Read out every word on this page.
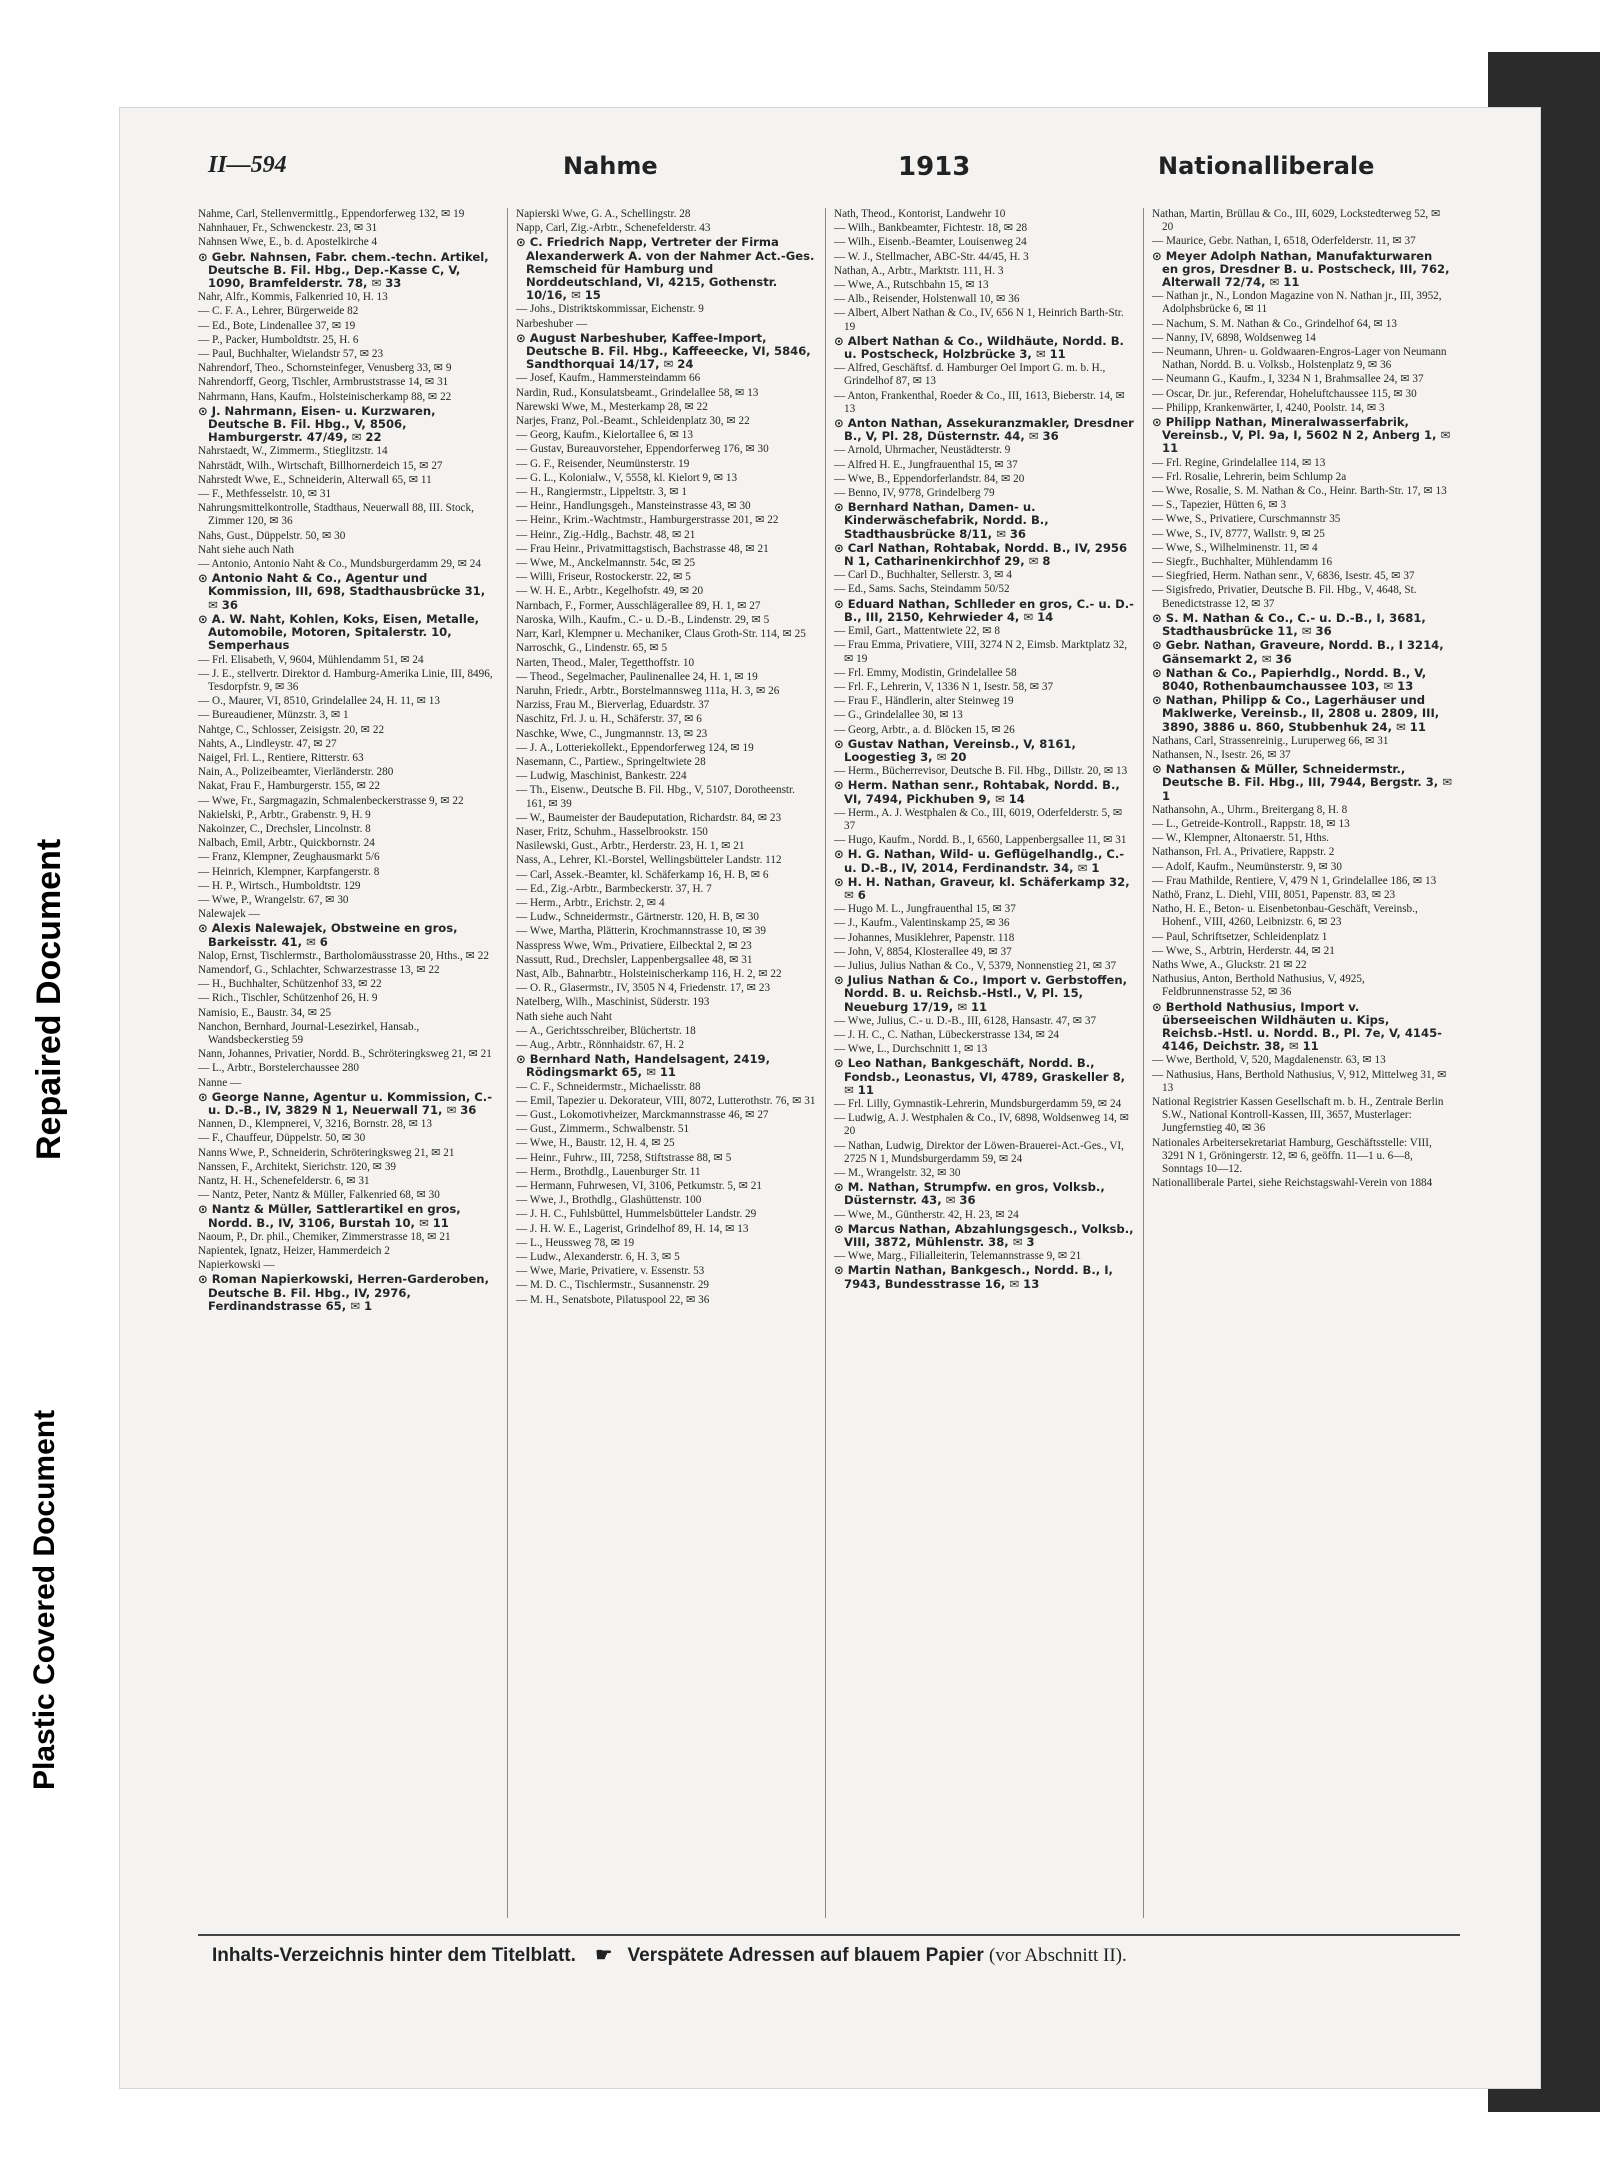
Repaired Document
Plastic Covered Document
II—594	Nahme	1913	Nationalliberale
Nahme, Carl, Stellenvermittlg., Eppendorferweg 132, ✉ 19
Nahnhauer, Fr., Schwenckestr. 23, ✉ 31
Nahnsen Wwe, E., b. d. Apostelkirche 4
⊙ Gebr. Nahnsen, Fabr. chem.-techn. Artikel, Deutsche B. Fil. Hbg., Dep.-Kasse C, V, 1090, Bramfelderstr. 78, ✉ 33
Nahr, Alfr., Kommis, Falkenried 10, H. 13
— C. F. A., Lehrer, Bürgerweide 82
— Ed., Bote, Lindenallee 37, ✉ 19
— P., Packer, Humboldtstr. 25, H. 6
— Paul, Buchhalter, Wielandstr 57, ✉ 23
Nahrendorf, Theo., Schornsteinfeger, Venusberg 33, ✉ 9
Nahrendorff, Georg, Tischler, Armbruststrasse 14, ✉ 31
Nahrmann, Hans, Kaufm., Holsteinischerkamp 88, ✉ 22
⊙ J. Nahrmann, Eisen- u. Kurzwaren, Deutsche B. Fil. Hbg., V, 8506, Hamburgerstr. 47/49, ✉ 22
Nahrstaedt, W., Zimmerm., Stieglitzstr. 14
Nahrstädt, Wilh., Wirtschaft, Billhornerdeich 15, ✉ 27
Nahrstedt Wwe, E., Schneiderin, Alterwall 65, ✉ 11
— F., Methfesselstr. 10, ✉ 31
Nahrungsmittelkontrolle, Stadthaus, Neuerwall 88, III. Stock, Zimmer 120, ✉ 36
Nahs, Gust., Düppelstr. 50, ✉ 30
Naht siehe auch Nath
— Antonio, Antonio Naht & Co., Mundsburgerdamm 29, ✉ 24
⊙ Antonio Naht & Co., Agentur und Kommission, III, 698, Stadthausbrücke 31, ✉ 36
⊙ A. W. Naht, Kohlen, Koks, Eisen, Metalle, Automobile, Motoren, Spitalerstr. 10, Semperhaus
— Frl. Elisabeth, V, 9604, Mühlendamm 51, ✉ 24
— J. E., stellvertr. Direktor d. Hamburg-Amerika Linie, III, 8496, Tesdorpfstr. 9, ✉ 36
— O., Maurer, VI, 8510, Grindelallee 24, H. 11, ✉ 13
— Bureaudiener, Münzstr. 3, ✉ 1
Nahtge, C., Schlosser, Zeisigstr. 20, ✉ 22
Nahts, A., Lindleystr. 47, ✉ 27
Naigel, Frl. L., Rentiere, Ritterstr. 63
Nain, A., Polizeibeamter, Vierländerstr. 280
Nakat, Frau F., Hamburgerstr. 155, ✉ 22
— Wwe, Fr., Sargmagazin, Schmalenbeckerstrasse 9, ✉ 22
Nakielski, P., Arbtr., Grabenstr. 9, H. 9
Nakoinzer, C., Drechsler, Lincolnstr. 8
Nalbach, Emil, Arbtr., Quickbornstr. 24
— Franz, Klempner, Zeughausmarkt 5/6
— Heinrich, Klempner, Karpfangerstr. 8
— H. P., Wirtsch., Humboldtstr. 129
— Wwe, P., Wrangelstr. 67, ✉ 30
Nalewajek —
⊙ Alexis Nalewajek, Obstweine en gros, Barkeisstr. 41, ✉ 6
Nalop, Ernst, Tischlermstr., Bartholomäusstrasse 20, Hths., ✉ 22
Namendorf, G., Schlachter, Schwarzestrasse 13, ✉ 22
— H., Buchhalter, Schützenhof 33, ✉ 22
— Rich., Tischler, Schützenhof 26, H. 9
Namisio, E., Baustr. 34, ✉ 25
Nanchon, Bernhard, Journal-Lesezirkel, Hansab., Wandsbeckerstieg 59
Nann, Johannes, Privatier, Nordd. B., Schröteringksweg 21, ✉ 21
— L., Arbtr., Borstelerchaussee 280
Nanne —
⊙ George Nanne, Agentur u. Kommission, C.- u. D.-B., IV, 3829 N 1, Neuerwall 71, ✉ 36
Nannen, D., Klempnerei, V, 3216, Bornstr. 28, ✉ 13
— F., Chauffeur, Düppelstr. 50, ✉ 30
Nanns Wwe, P., Schneiderin, Schröteringksweg 21, ✉ 21
Nanssen, F., Architekt, Sierichstr. 120, ✉ 39
Nantz, H. H., Schenefelderstr. 6, ✉ 31
— Nantz, Peter, Nantz & Müller, Falkenried 68, ✉ 30
⊙ Nantz & Müller, Sattlerartikel en gros, Nordd. B., IV, 3106, Burstah 10, ✉ 11
Naoum, P., Dr. phil., Chemiker, Zimmerstrasse 18, ✉ 21
Napientek, Ignatz, Heizer, Hammerdeich 2
Napierkowski —
⊙ Roman Napierkowski, Herren-Garderoben, Deutsche B. Fil. Hbg., IV, 2976, Ferdinandstrasse 65, ✉ 1
Napierski Wwe, G. A., Schellingstr. 28
Napp, Carl, Zig.-Arbtr., Schenefelderstr. 43
⊙ C. Friedrich Napp, Vertreter der Firma Alexanderwerk A. von der Nahmer Act.-Ges. Remscheid für Hamburg und Norddeutschland, VI, 4215, Gothenstr. 10/16, ✉ 15
— Johs., Distriktskommissar, Eichenstr. 9
Narbeshuber —
⊙ August Narbeshuber, Kaffee-Import, Deutsche B. Fil. Hbg., Kaffeeecke, VI, 5846, Sandthorquai 14/17, ✉ 24
— Josef, Kaufm., Hammersteindamm 66
Nardin, Rud., Konsulatsbeamt., Grindelallee 58, ✉ 13
Narewski Wwe, M., Mesterkamp 28, ✉ 22
Narjes, Franz, Pol.-Beamt., Schleidenplatz 30, ✉ 22
— Georg, Kaufm., Kielortallee 6, ✉ 13
— Gustav, Bureauvorsteher, Eppendorferweg 176, ✉ 30
— G. F., Reisender, Neumünsterstr. 19
— G. L., Kolonialw., V, 5558, kl. Kielort 9, ✉ 13
— H., Rangiermstr., Lippeltstr. 3, ✉ 1
— Heinr., Handlungsgeh., Mansteinstrasse 43, ✉ 30
— Heinr., Krim.-Wachtmstr., Hamburgerstrasse 201, ✉ 22
— Heinr., Zig.-Hdlg., Bachstr. 48, ✉ 21
— Frau Heinr., Privatmittagstisch, Bachstrasse 48, ✉ 21
— Wwe, M., Anckelmannstr. 54c, ✉ 25
— Willi, Friseur, Rostockerstr. 22, ✉ 5
— W. H. E., Arbtr., Kegelhofstr. 49, ✉ 20
Narnbach, F., Former, Ausschlägerallee 89, H. 1, ✉ 27
Naroska, Wilh., Kaufm., C.- u. D.-B., Lindenstr. 29, ✉ 5
Narr, Karl, Klempner u. Mechaniker, Claus Groth-Str. 114, ✉ 25
Narroschk, G., Lindenstr. 65, ✉ 5
Narten, Theod., Maler, Tegetthoffstr. 10
— Theod., Segelmacher, Paulinenallee 24, H. 1, ✉ 19
Naruhn, Friedr., Arbtr., Borstelmannsweg 111a, H. 3, ✉ 26
Narziss, Frau M., Bierverlag, Eduardstr. 37
Naschitz, Frl. J. u. H., Schäferstr. 37, ✉ 6
Naschke, Wwe, C., Jungmannstr. 13, ✉ 23
— J. A., Lotteriekollekt., Eppendorferweg 124, ✉ 19
Nasemann, C., Partiew., Springeltwiete 28
— Ludwig, Maschinist, Bankestr. 224
— Th., Eisenw., Deutsche B. Fil. Hbg., V, 5107, Dorotheenstr. 161, ✉ 39
— W., Baumeister der Baudeputation, Richardstr. 84, ✉ 23
Naser, Fritz, Schuhm., Hasselbrookstr. 150
Nasilewski, Gust., Arbtr., Herderstr. 23, H. 1, ✉ 21
Nass, A., Lehrer, Kl.-Borstel, Wellingsbütteler Landstr. 112
— Carl, Assek.-Beamter, kl. Schäferkamp 16, H. B, ✉ 6
— Ed., Zig.-Arbtr., Barmbeckerstr. 37, H. 7
— Herm., Arbtr., Erichstr. 2, ✉ 4
— Ludw., Schneidermstr., Gärtnerstr. 120, H. B, ✉ 30
— Wwe, Martha, Plätterin, Krochmannstrasse 10, ✉ 39
Nasspress Wwe, Wm., Privatiere, Eilbecktal 2, ✉ 23
Nassutt, Rud., Drechsler, Lappenbergsallee 48, ✉ 31
Nast, Alb., Bahnarbtr., Holsteinischerkamp 116, H. 2, ✉ 22
— O. R., Glasermstr., IV, 3505 N 4, Friedenstr. 17, ✉ 23
Natelberg, Wilh., Maschinist, Süderstr. 193
Nath siehe auch Naht
— A., Gerichtsschreiber, Blüchertstr. 18
— Aug., Arbtr., Rönnhaidstr. 67, H. 2
⊙ Bernhard Nath, Handelsagent, 2419, Rödingsmarkt 65, ✉ 11
— C. F., Schneidermstr., Michaelisstr. 88
— Emil, Tapezier u. Dekorateur, VIII, 8072, Lutterothstr. 76, ✉ 31
— Gust., Lokomotivheizer, Marckmannstrasse 46, ✉ 27
— Gust., Zimmerm., Schwalbenstr. 51
— Wwe, H., Baustr. 12, H. 4, ✉ 25
— Heinr., Fuhrw., III, 7258, Stiftstrasse 88, ✉ 5
— Herm., Brothdlg., Lauenburger Str. 11
— Hermann, Fuhrwesen, VI, 3106, Petkumstr. 5, ✉ 21
— Wwe, J., Brothdlg., Glashüttenstr. 100
— J. H. C., Fuhlsbüttel, Hummelsbütteler Landstr. 29
— J. H. W. E., Lagerist, Grindelhof 89, H. 14, ✉ 13
— L., Heussweg 78, ✉ 19
— Ludw., Alexanderstr. 6, H. 3, ✉ 5
— Wwe, Marie, Privatiere, v. Essenstr. 53
— M. D. C., Tischlermstr., Susannenstr. 29
— M. H., Senatsbote, Pilatuspool 22, ✉ 36
Nath, Theod., Kontorist, Landwehr 10
— Wilh., Bankbeamter, Fichtestr. 18, ✉ 28
— Wilh., Eisenb.-Beamter, Louisenweg 24
— W. J., Stellmacher, ABC-Str. 44/45, H. 3
Nathan, A., Arbtr., Marktstr. 111, H. 3
— Wwe, A., Rutschbahn 15, ✉ 13
— Alb., Reisender, Holstenwall 10, ✉ 36
— Albert, Albert Nathan & Co., IV, 656 N 1, Heinrich Barth-Str. 19
⊙ Albert Nathan & Co., Wildhäute, Nordd. B. u. Postscheck, Holzbrücke 3, ✉ 11
— Alfred, Geschäftsf. d. Hamburger Oel Import G. m. b. H., Grindelhof 87, ✉ 13
— Anton, Frankenthal, Roeder & Co., III, 1613, Bieberstr. 14, ✉ 13
⊙ Anton Nathan, Assekuranzmakler, Dresdner B., V, Pl. 28, Düsternstr. 44, ✉ 36
— Arnold, Uhrmacher, Neustädterstr. 9
— Alfred H. E., Jungfrauenthal 15, ✉ 37
— Wwe, B., Eppendorferlandstr. 84, ✉ 20
— Benno, IV, 9778, Grindelberg 79
⊙ Bernhard Nathan, Damen- u. Kinderwäschefabrik, Nordd. B., Stadthausbrücke 8/11, ✉ 36
⊙ Carl Nathan, Rohtabak, Nordd. B., IV, 2956 N 1, Catharinenkirchhof 29, ✉ 8
— Carl D., Buchhalter, Sellerstr. 3, ✉ 4
— Ed., Sams. Sachs, Steindamm 50/52
⊙ Eduard Nathan, Schlleder en gros, C.- u. D.-B., III, 2150, Kehrwieder 4, ✉ 14
— Emil, Gart., Mattentwiete 22, ✉ 8
— Frau Emma, Privatiere, VIII, 3274 N 2, Eimsb. Marktplatz 32, ✉ 19
— Frl. Emmy, Modistin, Grindelallee 58
— Frl. F., Lehrerin, V, 1336 N 1, Isestr. 58, ✉ 37
— Frau F., Händlerin, alter Steinweg 19
— G., Grindelallee 30, ✉ 13
— Georg, Arbtr., a. d. Blöcken 15, ✉ 26
⊙ Gustav Nathan, Vereinsb., V, 8161, Loogestieg 3, ✉ 20
— Herm., Bücherrevisor, Deutsche B. Fil. Hbg., Dillstr. 20, ✉ 13
⊙ Herm. Nathan senr., Rohtabak, Nordd. B., VI, 7494, Pickhuben 9, ✉ 14
— Herm., A. J. Westphalen & Co., III, 6019, Oderfelderstr. 5, ✉ 37
— Hugo, Kaufm., Nordd. B., I, 6560, Lappenbergsallee 11, ✉ 31
⊙ H. G. Nathan, Wild- u. Geflügelhandlg., C.- u. D.-B., IV, 2014, Ferdinandstr. 34, ✉ 1
⊙ H. H. Nathan, Graveur, kl. Schäferkamp 32, ✉ 6
— Hugo M. L., Jungfrauenthal 15, ✉ 37
— J., Kaufm., Valentinskamp 25, ✉ 36
— Johannes, Musiklehrer, Papenstr. 118
— John, V, 8854, Klosterallee 49, ✉ 37
— Julius, Julius Nathan & Co., V, 5379, Nonnenstieg 21, ✉ 37
⊙ Julius Nathan & Co., Import v. Gerbstoffen, Nordd. B. u. Reichsb.-Hstl., V, Pl. 15, Neueburg 17/19, ✉ 11
— Wwe, Julius, C.- u. D.-B., III, 6128, Hansastr. 47, ✉ 37
— J. H. C., C. Nathan, Lübeckerstrasse 134, ✉ 24
— Wwe, L., Durchschnitt 1, ✉ 13
⊙ Leo Nathan, Bankgeschäft, Nordd. B., Fondsb., Leonastus, VI, 4789, Graskeller 8, ✉ 11
— Frl. Lilly, Gymnastik-Lehrerin, Mundsburgerdamm 59, ✉ 24
— Ludwig, A. J. Westphalen & Co., IV, 6898, Woldsenweg 14, ✉ 20
— Nathan, Ludwig, Direktor der Löwen-Brauerei-Act.-Ges., VI, 2725 N 1, Mundsburgerdamm 59, ✉ 24
— M., Wrangelstr. 32, ✉ 30
⊙ M. Nathan, Strumpfw. en gros, Volksb., Düsternstr. 43, ✉ 36
— Wwe, M., Güntherstr. 42, H. 23, ✉ 24
⊙ Marcus Nathan, Abzahlungsgesch., Volksb., VIII, 3872, Mühlenstr. 38, ✉ 3
— Wwe, Marg., Filialleiterin, Telemannstrasse 9, ✉ 21
⊙ Martin Nathan, Bankgesch., Nordd. B., I, 7943, Bundesstrasse 16, ✉ 13
Nathan, Martin, Brüllau & Co., III, 6029, Lockstedterweg 52, ✉ 20
— Maurice, Gebr. Nathan, I, 6518, Oderfelderstr. 11, ✉ 37
⊙ Meyer Adolph Nathan, Manufakturwaren en gros, Dresdner B. u. Postscheck, III, 762, Alterwall 72/74, ✉ 11
— Nathan jr., N., London Magazine von N. Nathan jr., III, 3952, Adolphsbrücke 6, ✉ 11
— Nachum, S. M. Nathan & Co., Grindelhof 64, ✉ 13
— Nanny, IV, 6898, Woldsenweg 14
— Neumann, Uhren- u. Goldwaaren-Engros-Lager von Neumann Nathan, Nordd. B. u. Volksb., Holstenplatz 9, ✉ 36
— Neumann G., Kaufm., I, 3234 N 1, Brahmsallee 24, ✉ 37
— Oscar, Dr. jur., Referendar, Hoheluftchaussee 115, ✉ 30
— Philipp, Krankenwärter, I, 4240, Poolstr. 14, ✉ 3
⊙ Philipp Nathan, Mineralwasserfabrik, Vereinsb., V, Pl. 9a, I, 5602 N 2, Anberg 1, ✉ 11
— Frl. Regine, Grindelallee 114, ✉ 13
— Frl. Rosalie, Lehrerin, beim Schlump 2a
— Wwe, Rosalie, S. M. Nathan & Co., Heinr. Barth-Str. 17, ✉ 13
— S., Tapezier, Hütten 6, ✉ 3
— Wwe, S., Privatiere, Curschmannstr 35
— Wwe, S., IV, 8777, Wallstr. 9, ✉ 25
— Wwe, S., Wilhelminenstr. 11, ✉ 4
— Siegfr., Buchhalter, Mühlendamm 16
— Siegfried, Herm. Nathan senr., V, 6836, Isestr. 45, ✉ 37
— Sigisfredo, Privatier, Deutsche B. Fil. Hbg., V, 4648, St. Benedictstrasse 12, ✉ 37
⊙ S. M. Nathan & Co., C.- u. D.-B., I, 3681, Stadthausbrücke 11, ✉ 36
⊙ Gebr. Nathan, Graveure, Nordd. B., I 3214, Gänsemarkt 2, ✉ 36
⊙ Nathan & Co., Papierhdlg., Nordd. B., V, 8040, Rothenbaumchaussee 103, ✉ 13
⊙ Nathan, Philipp & Co., Lagerhäuser und Maklwerke, Vereinsb., II, 2808 u. 2809, III, 3890, 3886 u. 860, Stubbenhuk 24, ✉ 11
Nathans, Carl, Strassenreinig., Luruperweg 66, ✉ 31
Nathansen, N., Isestr. 26, ✉ 37
⊙ Nathansen & Müller, Schneidermstr., Deutsche B. Fil. Hbg., III, 7944, Bergstr. 3, ✉ 1
Nathansohn, A., Uhrm., Breitergang 8, H. 8
— L., Getreide-Kontroll., Rappstr. 18, ✉ 13
— W., Klempner, Altonaerstr. 51, Hths.
Nathanson, Frl. A., Privatiere, Rappstr. 2
— Adolf, Kaufm., Neumünsterstr. 9, ✉ 30
— Frau Mathilde, Rentiere, V, 479 N 1, Grindelallee 186, ✉ 13
Nathö, Franz, L. Diehl, VIII, 8051, Papenstr. 83, ✉ 23
Natho, H. E., Beton- u. Eisenbetonbau-Geschäft, Vereinsb., Hohenf., VIII, 4260, Leibnizstr. 6, ✉ 23
— Paul, Schriftsetzer, Schleidenplatz 1
— Wwe, S., Arbtrin, Herderstr. 44, ✉ 21
Naths Wwe, A., Gluckstr. 21 ✉ 22
Nathusius, Anton, Berthold Nathusius, V, 4925, Feldbrunnenstrasse 52, ✉ 36
⊙ Berthold Nathusius, Import v. überseeischen Wildhäuten u. Kips, Reichsb.-Hstl. u. Nordd. B., Pl. 7e, V, 4145-4146, Deichstr. 38, ✉ 11
— Wwe, Berthold, V, 520, Magdalenenstr. 63, ✉ 13
— Nathusius, Hans, Berthold Nathusius, V, 912, Mittelweg 31, ✉ 13
National Registrier Kassen Gesellschaft m. b. H., Zentrale Berlin S.W., National Kontroll-Kassen, III, 3657, Musterlager: Jungfernstieg 40, ✉ 36
Nationales Arbeitersekretariat Hamburg, Geschäftsstelle: VIII, 3291 N 1, Gröningerstr. 12, ✉ 6, geöffn. 11—1 u. 6—8, Sonntags 10—12.
Nationalliberale Partei, siehe Reichstagswahl-Verein von 1884
Inhalts-Verzeichnis hinter dem Titelblatt. ☛ Verspätete Adressen auf blauem Papier (vor Abschnitt II).
